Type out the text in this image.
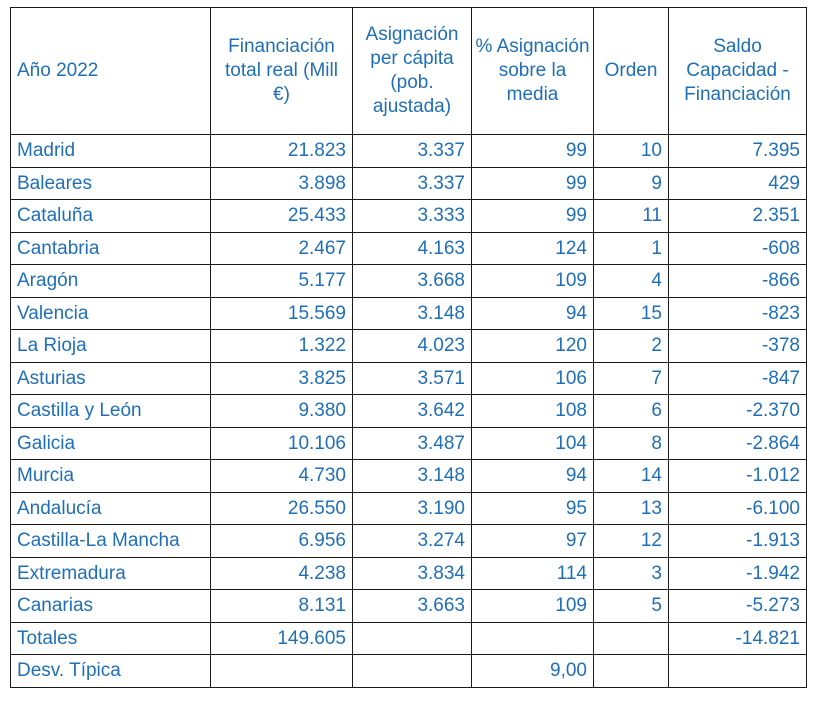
Año 2022	Financiación total real (Mill €)	Asignación per cápita (pob. ajustada)	% Asignación sobre la media	Orden	Saldo Capacidad - Financiación
Madrid	21.823	3.337	99	10	7.395
Baleares	3.898	3.337	99	9	429
Cataluña	25.433	3.333	99	11	2.351
Cantabria	2.467	4.163	124	1	-608
Aragón	5.177	3.668	109	4	-866
Valencia	15.569	3.148	94	15	-823
La Rioja	1.322	4.023	120	2	-378
Asturias	3.825	3.571	106	7	-847
Castilla y León	9.380	3.642	108	6	-2.370
Galicia	10.106	3.487	104	8	-2.864
Murcia	4.730	3.148	94	14	-1.012
Andalucía	26.550	3.190	95	13	-6.100
Castilla-La Mancha	6.956	3.274	97	12	-1.913
Extremadura	4.238	3.834	114	3	-1.942
Canarias	8.131	3.663	109	5	-5.273
Totales	149.605				-14.821
Desv. Típica			9,00		
